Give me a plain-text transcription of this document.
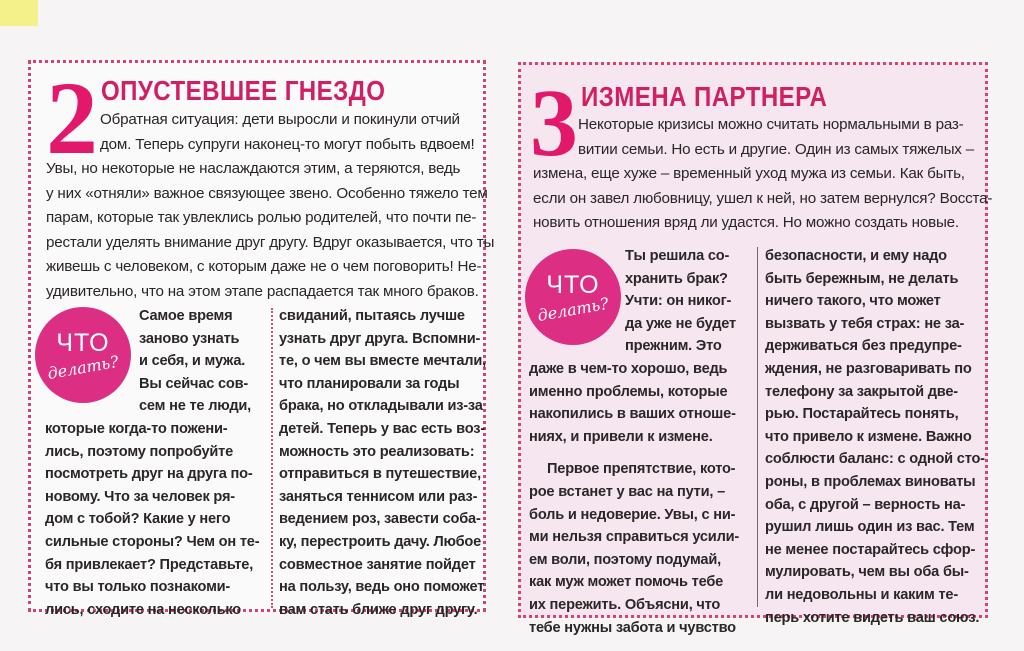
2 ОПУСТЕВШЕЕ ГНЕЗДО
Обратная ситуация: дети выросли и покинули отчий
дом. Теперь супруги наконец-то могут побыть вдвоем!
Увы, но некоторые не наслаждаются этим, а теряются, ведь
у них «отняли» важное связующее звено. Особенно тяжело тем
парам, которые так увлеклись ролью родителей, что почти пе-
рестали уделять внимание друг другу. Вдруг оказывается, что ты
живешь с человеком, с которым даже не о чем поговорить! Не-
удивительно, что на этом этапе распадается так много браков.
ЧТО
делать?
Самое время
заново узнать
и себя, и мужа.
Вы сейчас сов-
сем не те люди,
которые когда-то пожени-
лись, поэтому попробуйте
посмотреть друг на друга по-
новому. Что за человек ря-
дом с тобой? Какие у него
сильные стороны? Чем он те-
бя привлекает? Представьте,
что вы только познакоми-
лись, сходите на несколько
свиданий, пытаясь лучше
узнать друг друга. Вспомни-
те, о чем вы вместе мечтали,
что планировали за годы
брака, но откладывали из-за
детей. Теперь у вас есть воз-
можность это реализовать:
отправиться в путешествие,
заняться теннисом или раз-
ведением роз, завести соба-
ку, перестроить дачу. Любое
совместное занятие пойдет
на пользу, ведь оно поможет
вам стать ближе друг другу.
3 ИЗМЕНА ПАРТНЕРА
Некоторые кризисы можно считать нормальными в раз-
витии семьи. Но есть и другие. Один из самых тяжелых –
измена, еще хуже – временный уход мужа из семьи. Как быть,
если он завел любовницу, ушел к ней, но затем вернулся? Восста-
новить отношения вряд ли удастся. Но можно создать новые.
ЧТО
делать?
Ты решила со-
хранить брак?
Учти: он никог-
да уже не будет
прежним. Это
даже в чем-то хорошо, ведь
именно проблемы, которые
накопились в ваших отноше-
ниях, и привели к измене.
Первое препятствие, кото-
рое встанет у вас на пути, –
боль и недоверие. Увы, с ни-
ми нельзя справиться усили-
ем воли, поэтому подумай,
как муж может помочь тебе
их пережить. Объясни, что
тебе нужны забота и чувство
безопасности, и ему надо
быть бережным, не делать
ничего такого, что может
вызвать у тебя страх: не за-
держиваться без предупре-
ждения, не разговаривать по
телефону за закрытой две-
рью. Постарайтесь понять,
что привело к измене. Важно
соблюсти баланс: с одной сто-
роны, в проблемах виноваты
оба, с другой – верность на-
рушил лишь один из вас. Тем
не менее постарайтесь сфор-
мулировать, чем вы оба бы-
ли недовольны и каким те-
перь хотите видеть ваш союз.
